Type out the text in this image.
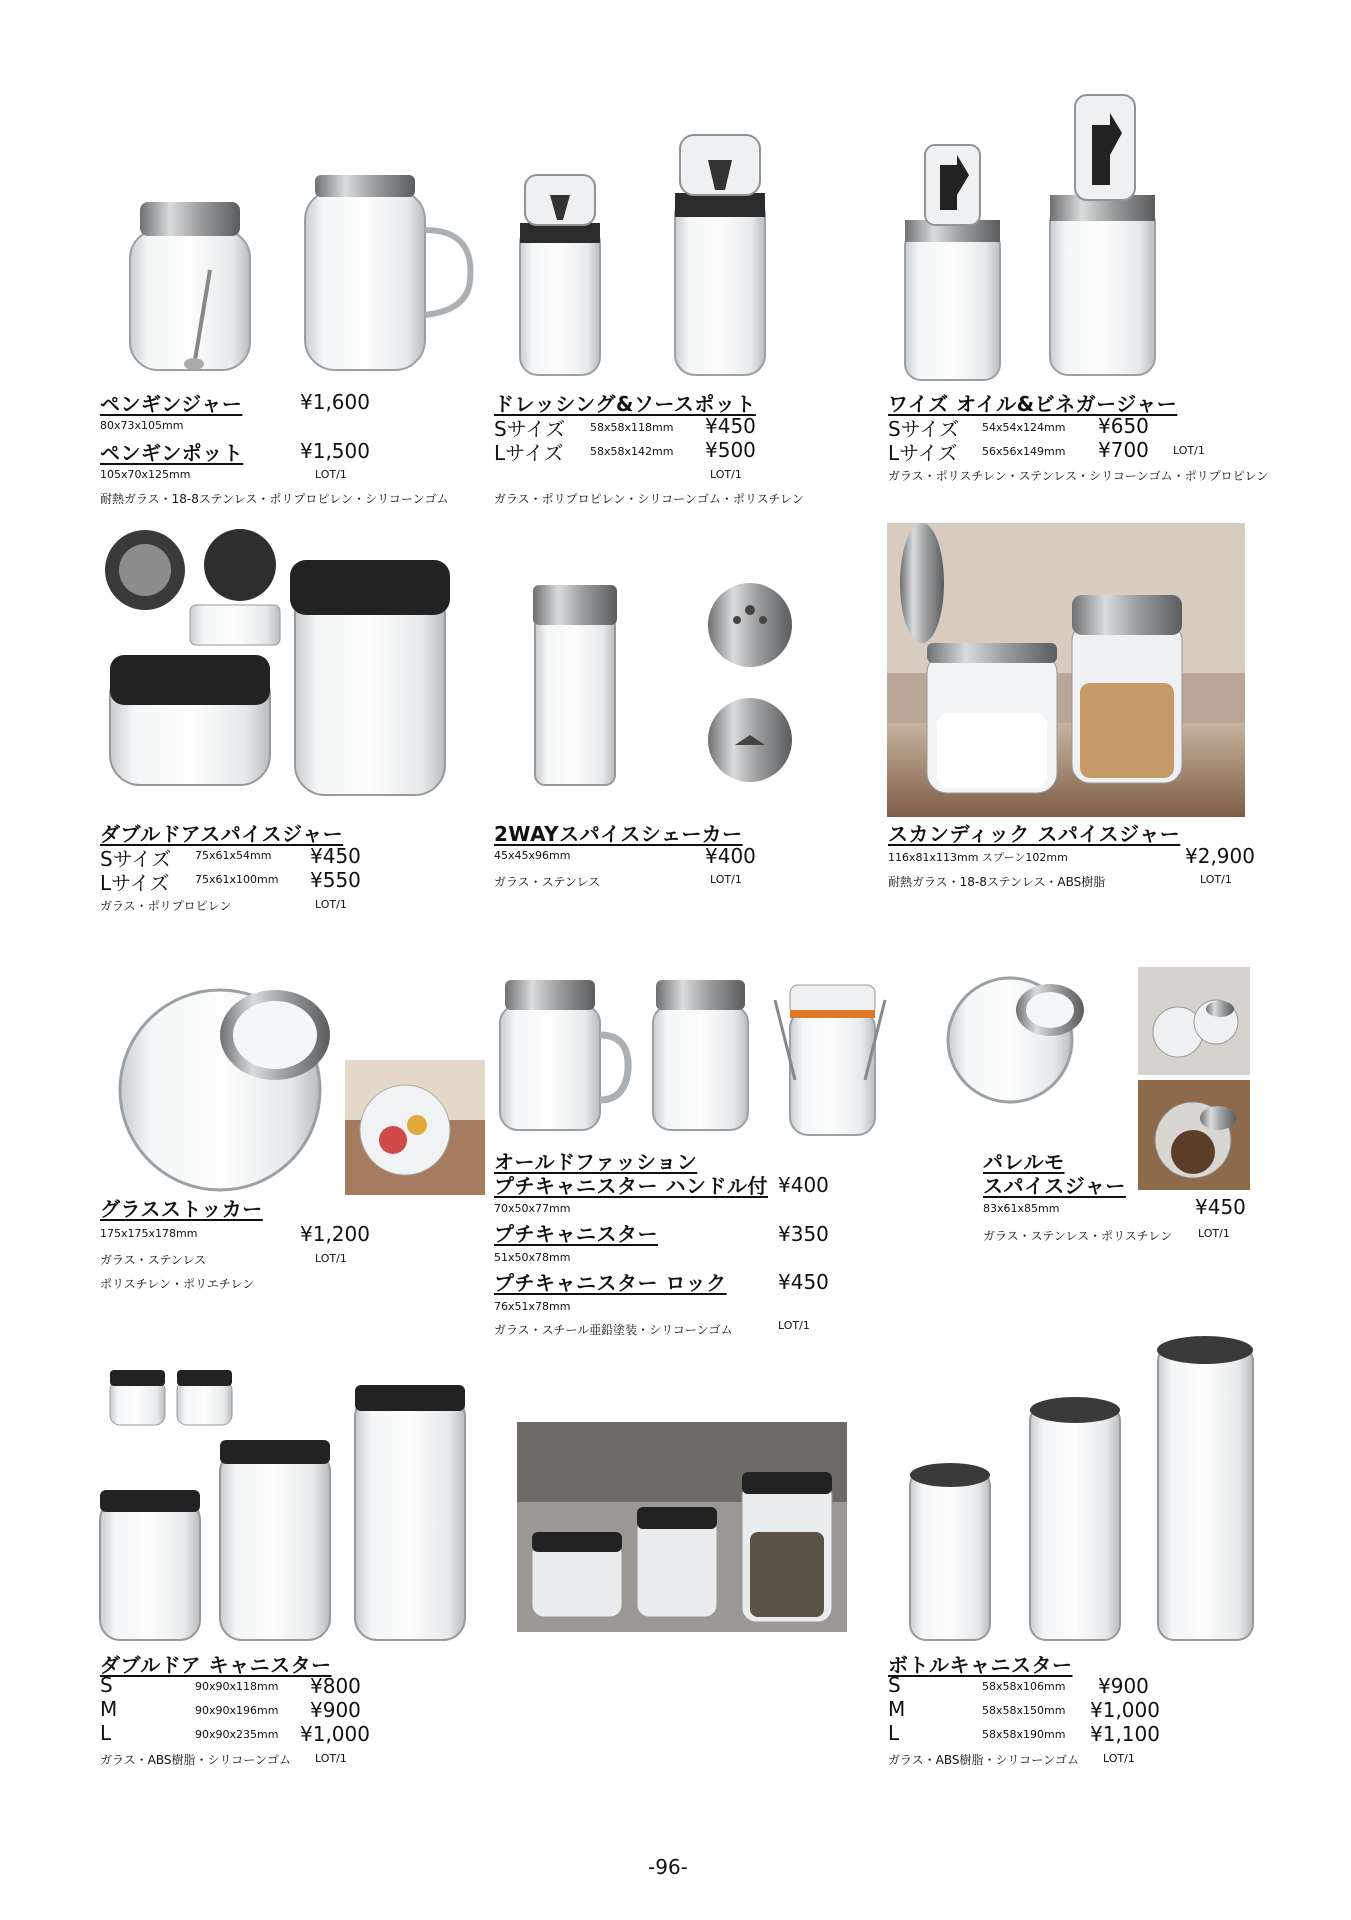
ペンギンジャー	¥1,600
80x73x105mm
ペンギンポット	¥1,500
105x70x125mm	LOT/1
耐熱ガラス・18-8ステンレス・ポリプロピレン・シリコーンゴム
ドレッシング&ソースポット
Sサイズ 58x58x118mm ¥450
Lサイズ 58x58x142mm ¥500
LOT/1
ガラス・ポリプロピレン・シリコーンゴム・ポリスチレン
ワイズ オイル&ビネガージャー
Sサイズ 54x54x124mm ¥650
Lサイズ 56x56x149mm ¥700 LOT/1
ガラス・ポリスチレン・ステンレス・シリコーンゴム・ポリプロピレン
ダブルドアスパイスジャー
Sサイズ 75x61x54mm ¥450
Lサイズ 75x61x100mm ¥550
ガラス・ポリプロピレン	LOT/1
2WAYスパイスシェーカー
45x45x96mm	¥400
ガラス・ステンレス	LOT/1
スカンディック スパイスジャー
116x81x113mm スプーン102mm	¥2,900
耐熱ガラス・18-8ステンレス・ABS樹脂	LOT/1
グラスストッカー
175x175x178mm	¥1,200
ガラス・ステンレス	LOT/1
ポリスチレン・ポリエチレン
オールドファッション
プチキャニスター ハンドル付 ¥400
70x50x77mm
プチキャニスター	¥350
51x50x78mm
プチキャニスター ロック	¥450
76x51x78mm
ガラス・スチール亜鉛塗装・シリコーンゴム	LOT/1
パレルモ
スパイスジャー
¥450
83x61x85mm
ガラス・ステンレス・ポリスチレン LOT/1
ダブルドア キャニスター
S	90x90x118mm ¥800
M	90x90x196mm ¥900
L	90x90x235mm ¥1,000
ガラス・ABS樹脂・シリコーンゴム LOT/1
ボトルキャニスター
S	58x58x106mm ¥900
M	58x58x150mm ¥1,000
L	58x58x190mm ¥1,100
ガラス・ABS樹脂・シリコーンゴム LOT/1
-96-
